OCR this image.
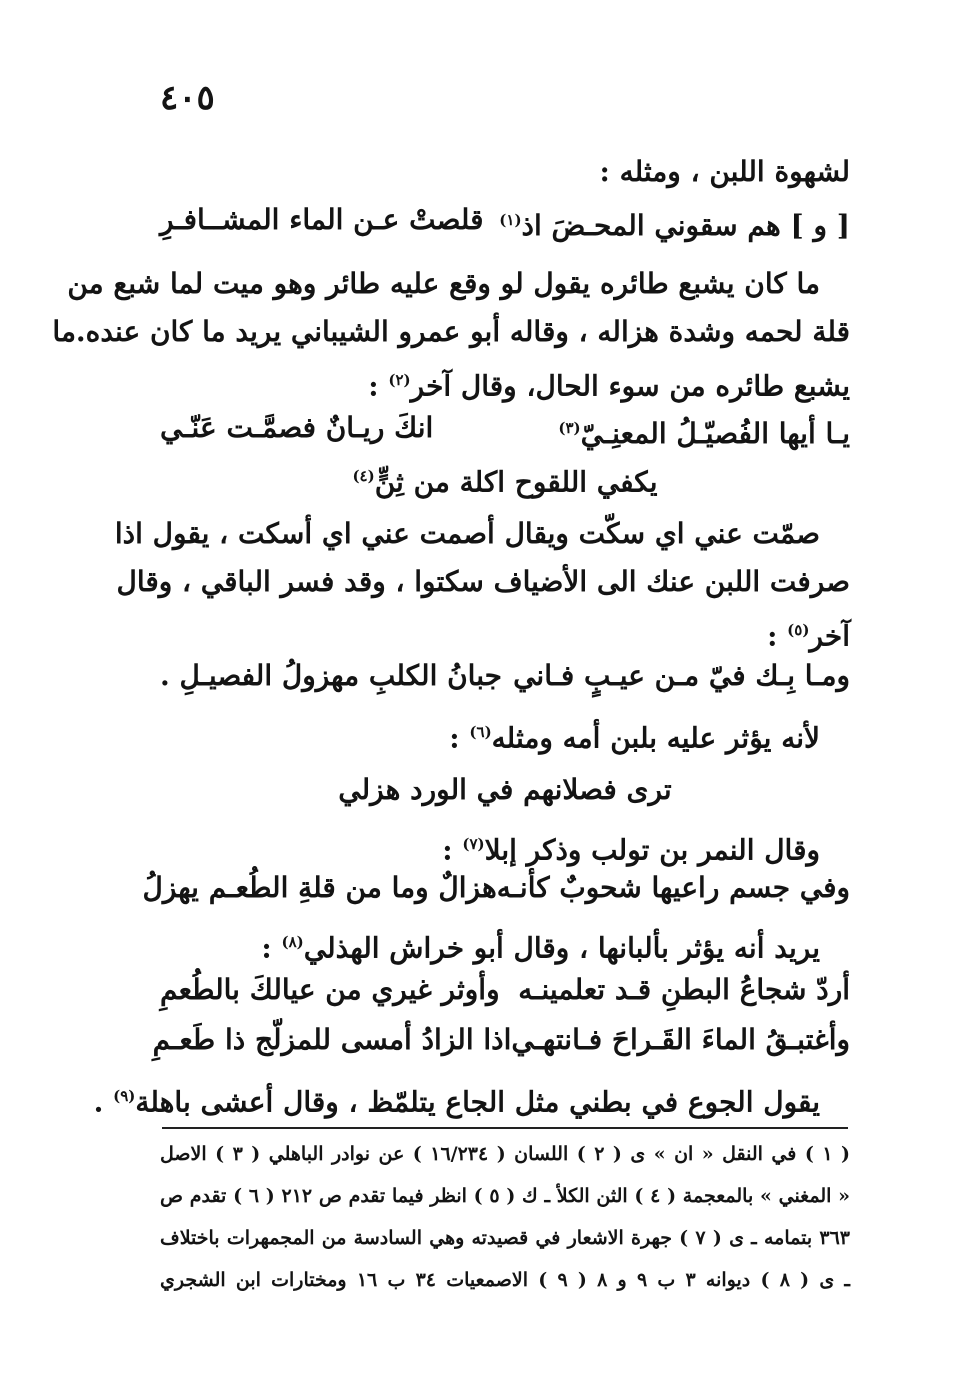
٤٠٥
لشهوة اللبن ، ومثله :
[ و ] هم سقوني المحـضَ اذ$^{(١)}$
قلصتْ عـن الماء المشــافـرِ
ما كان يشبع طائره يقول لو وقع عليه طائر وهو ميت لما شبع من
قلة لحمه وشدة هزاله ، وقاله أبو عمرو الشيباني يريد ما كان عنده.ما
يشبع طائره من سوء الحال، وقال آخر$^{(٢)}$ :
يـا أيها الفُصيّـلُ المعنِـيّ$^{(٣)}$
انكَ ريـانٌ فصمَّـت عَنّـي
يكفي اللقوح اكلة من ثِنٍّ$^{(٤)}$
صمّت عني اي سكّت ويقال أصمت عني اي أسكت ، يقول اذا
صرفت اللبن عنك الى الأضياف سكتوا ، وقد فسر الباقي ، وقال
آخر$^{(٥)}$ :
ومـا بِـك فيّ مـن عيـبٍ فـاني
جبانُ الكلبِ مهزولُ الفصيـلِ .
لأنه يؤثر عليه بلبن أمه ومثله$^{(٦)}$ :
ترى فصلانهم في الورد هزلي
وقال النمر بن تولب وذكر إبلا$^{(٧)}$ :
وفي جسم راعيها شحوبٌ كأنـه
هزالٌ وما من قلةِ الطُعـم يهزلُ
يريد أنه يؤثر بألبانها ، وقال أبو خراش الهذلي$^{(٨)}$ :
أردّ شجاعُ البطنِ قـد تعلمينـه
وأوثر غيري من عيالكَ بالطُعمِ
وأغتبـقُ الماءَ القَـراحَ فـانتهـي
اذا الزادُ أمسى للمزلّج ذا طَعـمِ
يقول الجوع في بطني مثل الجاع يتلمّظ ، وقال أعشى باهلة$^{(٩)}$ .
( ١ ) في النقل « ان » ى ( ٢ ) اللسان ( ١٦/٢٣٤ ) عن نوادر الباهلي ( ٣ ) الاصل
« المغني » بالمعجمة ( ٤ ) الثن الكلأ ـ ك ( ٥ ) انظر فيما تقدم ص ٢١٢ ( ٦ ) تقدم ص
٣٦٣ بتمامه ـ ى ( ٧ ) جهرة الاشعار في قصيدته وهي السادسة من المجمهرات باختلاف
ـ ى ( ٨ ) ديوانه ٣ ب ٩ و ٨ ( ٩ ) الاصمعيات ٣٤ ب ١٦ ومختارات ابن الشجري
